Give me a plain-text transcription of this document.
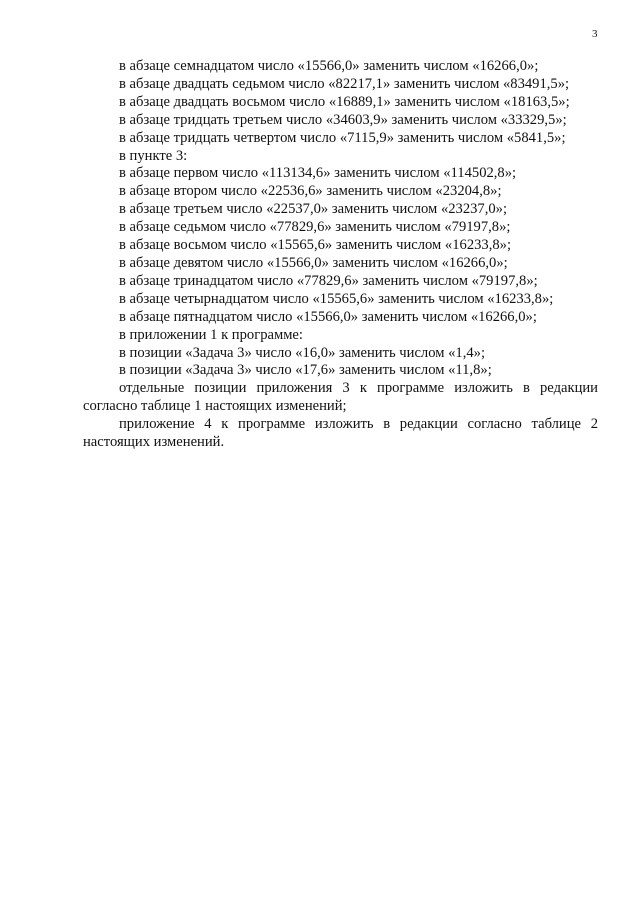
3

в абзаце семнадцатом число «15566,0» заменить числом «16266,0»;

в абзаце двадцать седьмом число «82217,1» заменить числом «83491,5»;

в абзаце двадцать восьмом число «16889,1» заменить числом «18163,5»;

в абзаце тридцать третьем число «34603,9» заменить числом «33329,5»;

в абзаце тридцать четвертом число «7115,9» заменить числом «5841,5»;

в пункте 3:

в абзаце первом число «113134,6» заменить числом «114502,8»;

в абзаце втором число «22536,6» заменить числом «23204,8»;

в абзаце третьем число «22537,0» заменить числом «23237,0»;

в абзаце седьмом число «77829,6» заменить числом «79197,8»;

в абзаце восьмом число «15565,6» заменить числом «16233,8»;

в абзаце девятом число «15566,0» заменить числом «16266,0»;

в абзаце тринадцатом число «77829,6» заменить числом «79197,8»;

в абзаце четырнадцатом число «15565,6» заменить числом «16233,8»;

в абзаце пятнадцатом число «15566,0» заменить числом «16266,0»;

в приложении 1 к программе:

в позиции «Задача 3» число «16,0» заменить числом «1,4»;

в позиции «Задача 3» число «17,6» заменить числом «11,8»;

отдельные позиции приложения 3 к программе изложить в редакции согласно таблице 1 настоящих изменений;

приложение 4 к программе изложить в редакции согласно таблице 2 настоящих изменений.
